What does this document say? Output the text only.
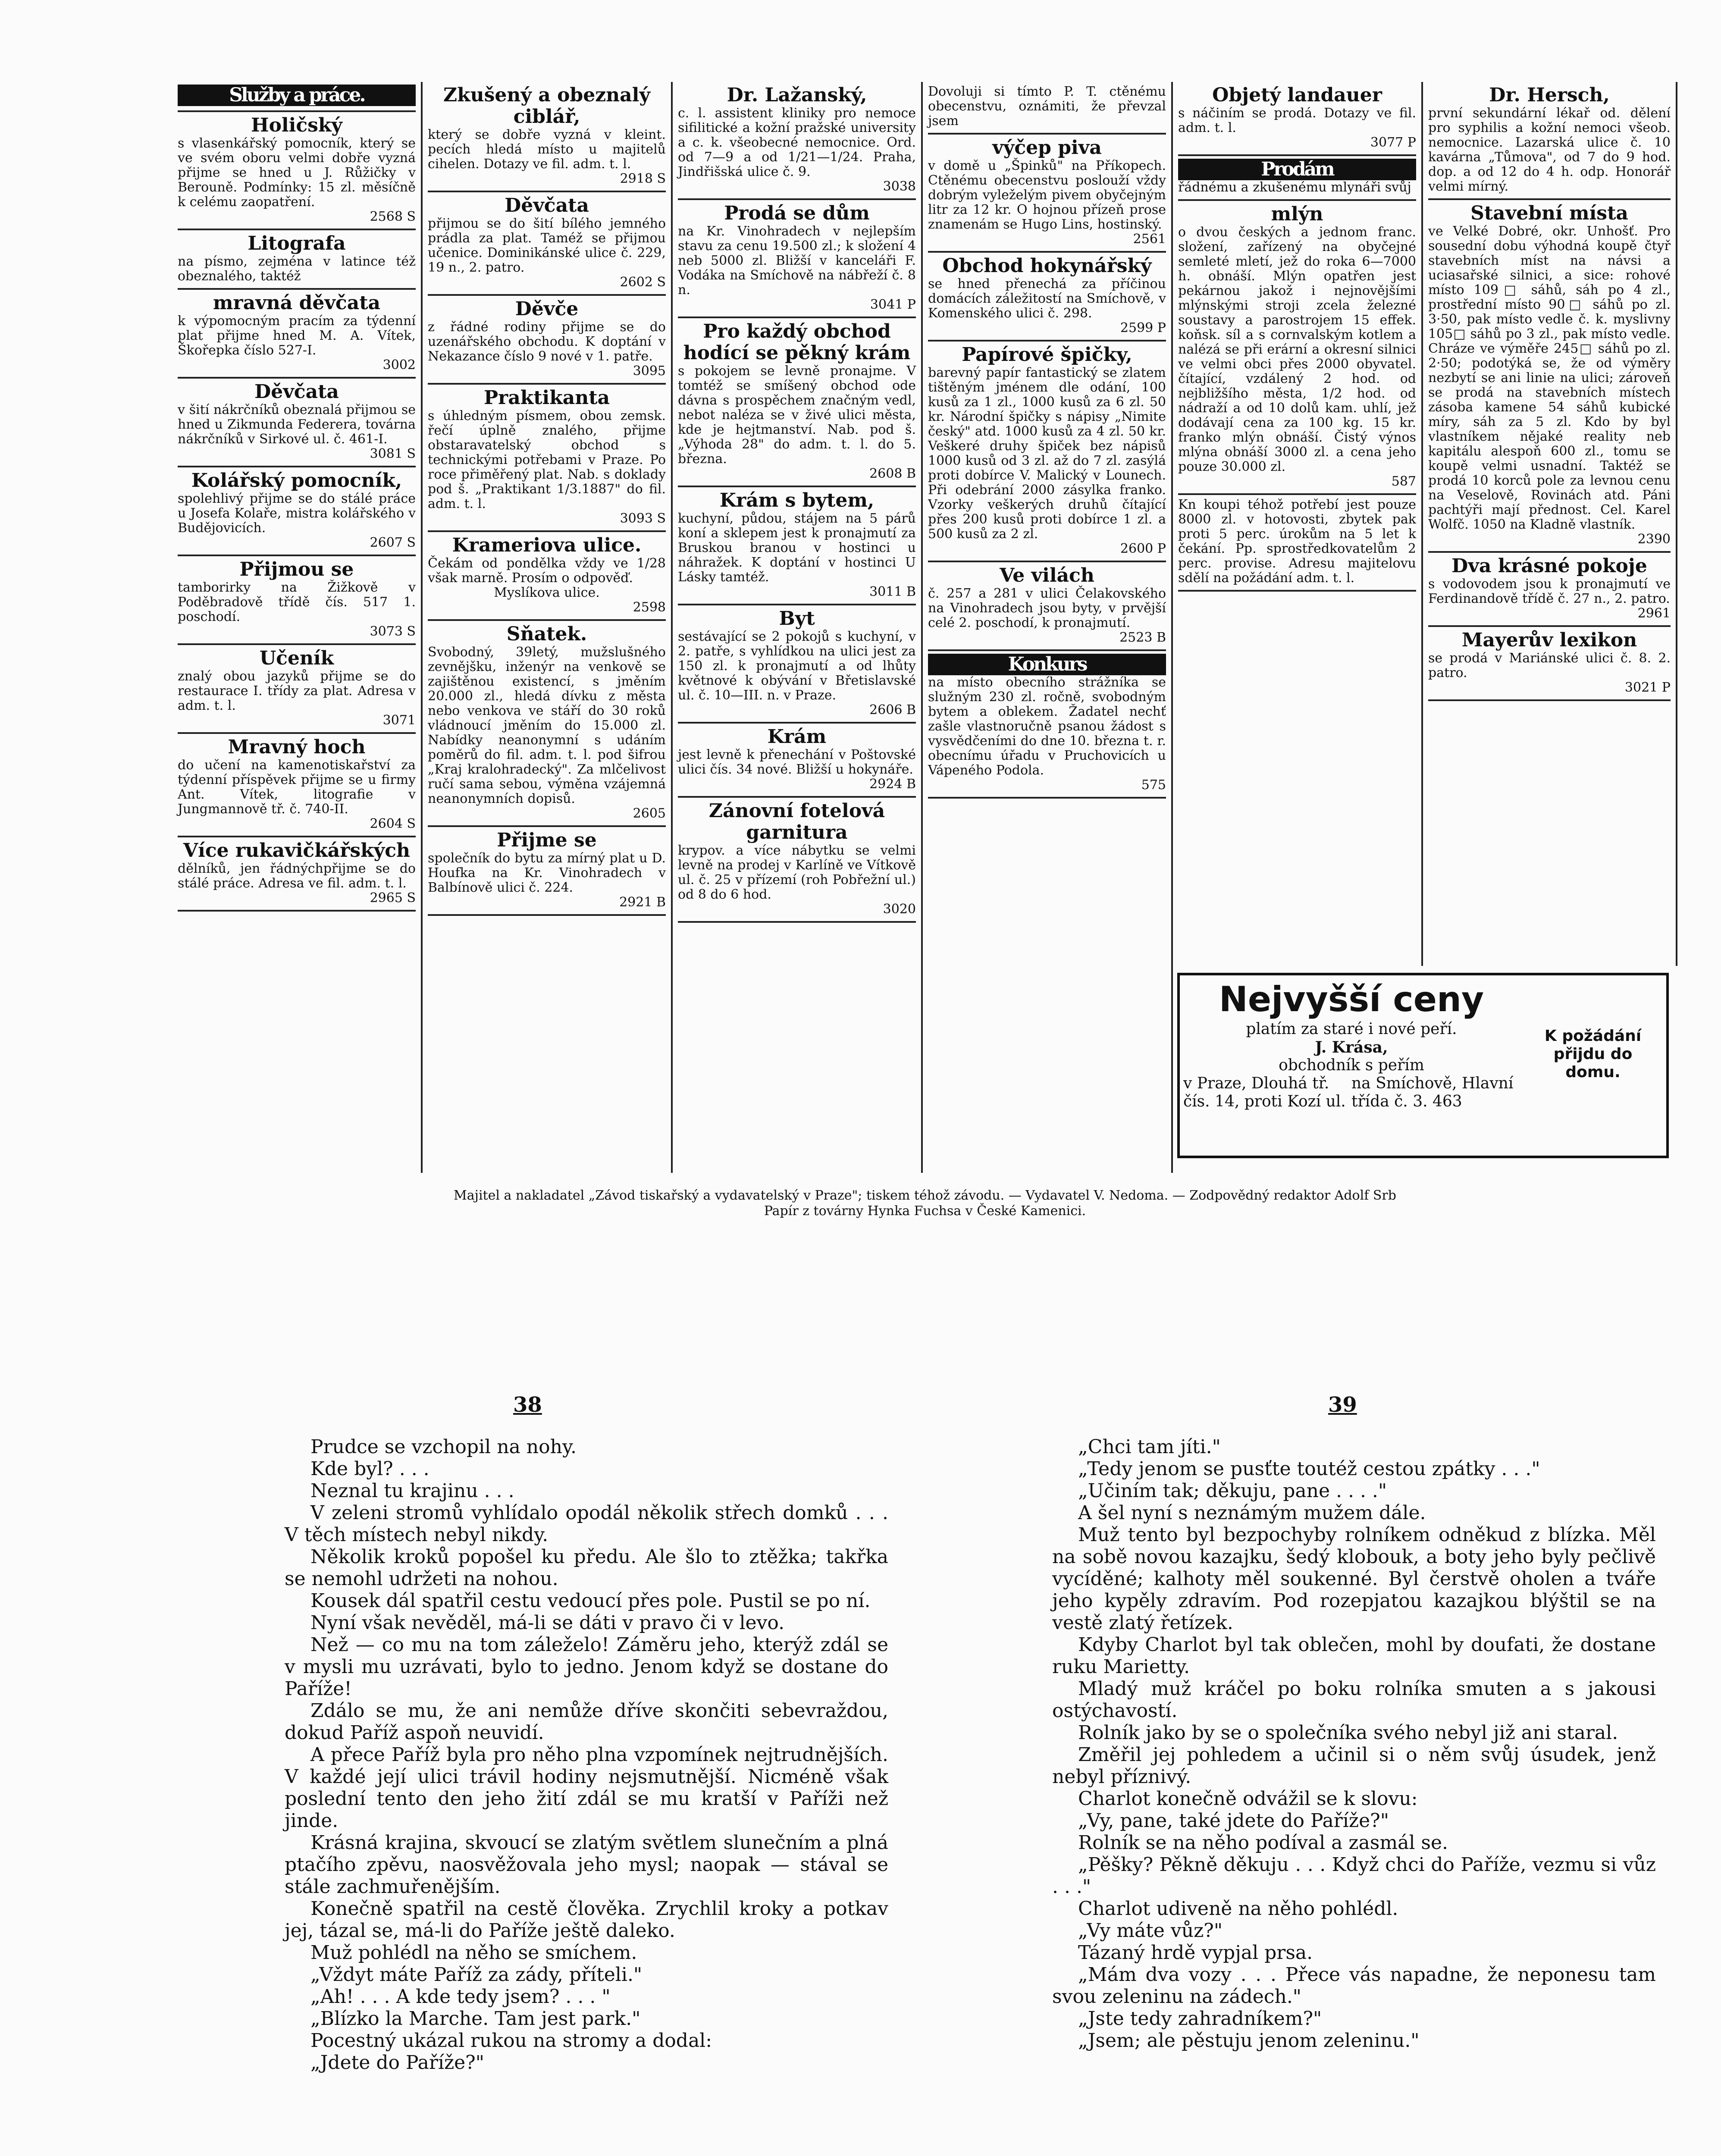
Služby a práce.
Holičský

s vlasenkářský pomocník, který se ve svém oboru velmi dobře vyzná přijme se hned u J. Růžičky v Berouně. Podmínky: 15 zl. měsíčně k celému zaopatření.

2568 S
Litografa

na písmo, zejména v latince též obeznalého, taktéž

mravná děvčata

k výpomocným pracím za týdenní plat přijme hned M. A. Vítek, Škořepka číslo 527-I.

3002
Děvčata

v šití nákrčníků obeznalá přijmou se hned u Zikmunda Federera, továrna nákrčníků v Sirkové ul. č. 461-I.

3081 S
Kolářský pomocník,

spolehlivý přijme se do stálé práce u Josefa Kolaře, mistra kolářského v Budějovicích.

2607 S
Přijmou se

tamborirky na Žižkově v Poděbradově třídě čís. 517 1. poschodí.

3073 S
Učeník

znalý obou jazyků přijme se do restaurace I. třídy za plat. Adresa v adm. t. l.

3071
Mravný hoch

do učení na kamenotiskařství za týdenní příspěvek přijme se u firmy Ant. Vítek, litografie v Jungmannově tř. č. 740-II.

2604 S
Více rukavičkářských

dělníků, jen řádnýchpřijme se do stálé práce. Adresa ve fil. adm. t. l.

2965 S
Zkušený a obeznalý ciblář,

který se dobře vyzná v kleint. pecích hledá místo u majitelů cihelen. Dotazy ve fil. adm. t. l.

2918 S
Děvčata

přijmou se do šití bílého jemného prádla za plat. Taméž se přijmou učenice. Dominikánské ulice č. 229, 19 n., 2. patro.

2602 S
Děvče

z řádné rodiny přijme se do uzenářského obchodu. K doptání v Nekazance číslo 9 nové v 1. patře.

3095
Praktikanta

s úhledným písmem, obou zemsk. řečí úplně znalého, přijme obstaravatelský obchod s technickými potřebami v Praze. Po roce přiměřený plat. Nab. s doklady pod š. „Praktikant 1/3.1887" do fil. adm. t. l.

3093 S
Krameriova ulice.

Čekám od pondělka vždy ve 1/28 však marně. Prosím o odpověď.

Myslíkova ulice.

2598
Sňatek.

Svobodný, 39letý, mužslušného zevnějšku, inženýr na venkově se zajištěnou existencí, s jměním 20.000 zl., hledá dívku z města nebo venkova ve stáří do 30 roků vládnoucí jměním do 15.000 zl. Nabídky neanonymní s udáním poměrů do fil. adm. t. l. pod šifrou „Kraj kralohradecký". Za mlčelivost ručí sama sebou, výměna vzájemná neanonymních dopisů.

2605
Přijme se

společník do bytu za mírný plat u D. Houfka na Kr. Vinohradech v Balbínově ulici č. 224.

2921 B
Dr. Lažanský,

c. l. assistent kliniky pro nemoce sifilitické a kožní pražské university a c. k. všeobecné nemocnice. Ord. od 7—9 a od 1/21—1/24. Praha, Jindřišská ulice č. 9.

3038
Prodá se dům

na Kr. Vinohradech v nejlepším stavu za cenu 19.500 zl.; k složení 4 neb 5000 zl. Bližší v kanceláři F. Vodáka na Smíchově na nábřeží č. 8 n.

3041 P
Pro každý obchod hodící se pěkný krám

s pokojem se levně pronajme. V tomtéž se smíšený obchod ode dávna s prospěchem značným vedl, nebot naléza se v živé ulici města, kde je hejtmanství. Nab. pod š. „Výhoda 28" do adm. t. l. do 5. března.

2608 B
Krám s bytem,

kuchyní, půdou, stájem na 5 párů koní a sklepem jest k pronajmutí za Bruskou branou v hostinci u náhražek. K doptání v hostinci U Lásky tamtéž.

3011 B
Byt

sestávající se 2 pokojů s kuchyní, v 2. patře, s vyhlídkou na ulici jest za 150 zl. k pronajmutí a od lhůty květnové k obývání v Břetislavské ul. č. 10—III. n. v Praze.

2606 B
Krám

jest levně k přenechání v Poštovské ulici čís. 34 nové. Bližší u hokynáře.

2924 B
Zánovní fotelová garnitura

krypov. a více nábytku se velmi levně na prodej v Karlíně ve Vítkově ul. č. 25 v přízemí (roh Pobřežní ul.) od 8 do 6 hod.

3020

Dovoluji si tímto P. T. ctěnému obecenstvu, oznámiti, že převzal jsem

výčep piva

v domě u „Špinků" na Příkopech. Ctěnému obecenstvu poslouží vždy dobrým vyleželým pivem obyčejným litr za 12 kr. O hojnou přízeň prose znamenám se Hugo Lins, hostinský.

2561
Obchod hokynářský

se hned přenechá za příčinou domácích záležitostí na Smíchově, v Komenského ulici č. 298.

2599 P
Papírové špičky,

barevný papír fantastický se zlatem tištěným jménem dle odání, 100 kusů za 1 zl., 1000 kusů za 6 zl. 50 kr. Národní špičky s nápisy „Nimite český" atd. 1000 kusů za 4 zl. 50 kr. Veškeré druhy špiček bez nápisů 1000 kusů od 3 zl. až do 7 zl. zasýlá proti dobírce V. Malický v Lounech. Při odebrání 2000 zásylka franko. Vzorky veškerých druhů čítající přes 200 kusů proti dobírce 1 zl. a 500 kusů za 2 zl.

2600 P
Ve vilách

č. 257 a 281 v ulici Čelakovského na Vinohradech jsou byty, v prvější celé 2. poschodí, k pronajmutí.

2523 B
Konkurs

na místo obecního strážníka se služným 230 zl. ročně, svobodným bytem a oblekem. Žadatel nechť zašle vlastnoručně psanou žádost s vysvědčeními do dne 10. března t. r. obecnímu úřadu v Pruchovicích u Vápeného Podola.

575
Objetý landauer

s náčiním se prodá. Dotazy ve fil. adm. t. l.

3077 P
Prodám

řádnému a zkušenému mlynáři svůj

mlýn

o dvou českých a jednom franc. složení, zařízený na obyčejné semleté mletí, jež do roka 6—7000 h. obnáší. Mlýn opatřen jest pekárnou jakož i nejnovějšími mlýnskými stroji zcela železné soustavy a parostrojem 15 effek. koňsk. síl a s cornvalským kotlem a nalézá se při erární a okresní silnici ve velmi obci přes 2000 obyvatel. čítající, vzdálený 2 hod. od nejbližšího města, 1/2 hod. od nádraží a od 10 dolů kam. uhlí, jež dodávají cena za 100 kg. 15 kr. franko mlýn obnáší. Čistý výnos mlýna obnáší 3000 zl. a cena jeho pouze 30.000 zl.

587

Kn koupi téhož potřebí jest pouze 8000 zl. v hotovosti, zbytek pak proti 5 perc. úrokům na 5 let k čekání. Pp. sprostředkovatelům 2 perc. provise. Adresu majitelovu sdělí na požádání adm. t. l.

Dr. Hersch,

první sekundární lékař od. dělení pro syphilis a kožní nemoci všeob. nemocnice. Lazarská ulice č. 10 kavárna „Tůmova", od 7 do 9 hod. dop. a od 12 do 4 h. odp. Honorář velmi mírný.

Stavební místa

ve Velké Dobré, okr. Unhošť. Pro sousední dobu výhodná koupě čtyř stavebních míst na návsi a uciasařské silnici, a sice: rohové místo 109□ sáhů, sáh po 4 zl., prostřední místo 90□ sáhů po zl. 3·50, pak místo vedle č. k. myslivny 105□ sáhů po 3 zl., pak místo vedle. Chráze ve výměře 245□ sáhů po zl. 2·50; podotýká se, že od výměry nezbytí se ani linie na ulici; zároveň se prodá na stavebních místech zásoba kamene 54 sáhů kubické míry, sáh za 5 zl. Kdo by byl vlastníkem nějaké reality neb kapitálu alespoň 600 zl., tomu se koupě velmi usnadní. Taktéž se prodá 10 korců pole za levnou cenu na Veselově, Rovinách atd. Páni pachtýři mají přednost. Cel. Karel Wolfč. 1050 na Kladně vlastník.

2390
Dva krásné pokoje

s vodovodem jsou k pronajmutí ve Ferdinandově třídě č. 27 n., 2. patro.

2961
Mayerův lexikon

se prodá v Mariánské ulici č. 8. 2. patro.

3021 P
Nejvyšší ceny
platím za staré i nové peří.
J. Krása,
obchodník s peřím
v Praze, Dlouhá tř. čís. 14, proti Kozí ul.
na Smíchově, Hlavní třída č. 3. 463
K požádání přijdu do domu.
Majitel a nakladatel „Závod tiskařský a vydavatelský v Praze"; tiskem téhož závodu. — Vydavatel V. Nedoma. — Zodpovědný redaktor Adolf Srb
Papír z továrny Hynka Fuchsa v České Kamenici.
38	39

Prudce se vzchopil na nohy.

Kde byl? . . .

Neznal tu krajinu . . .

V zeleni stromů vyhlídalo opodál několik střech domků . . . V těch místech nebyl nikdy.

Několik kroků popošel ku předu. Ale šlo to ztěžka; takřka se nemohl udržeti na nohou.

Kousek dál spatřil cestu vedoucí přes pole. Pustil se po ní.

Nyní však nevěděl, má-li se dáti v pravo či v levo.

Než — co mu na tom záleželo! Záměru jeho, kterýž zdál se v mysli mu uzrávati, bylo to jedno. Jenom když se dostane do Paříže!

Zdálo se mu, že ani nemůže dříve skončiti sebevraždou, dokud Paříž aspoň neuvidí.

A přece Paříž byla pro něho plna vzpomínek nejtrudnějších. V každé její ulici trávil hodiny nejsmutnější. Nicméně však poslední tento den jeho žití zdál se mu kratší v Paříži než jinde.

Krásná krajina, skvoucí se zlatým světlem slunečním a plná ptačího zpěvu, naosvěžovala jeho mysl; naopak — stával se stále zachmuřenějším.

Konečně spatřil na cestě člověka. Zrychlil kroky a potkav jej, tázal se, má-li do Paříže ještě daleko.

Muž pohlédl na něho se smíchem.

„Vždyt máte Paříž za zády, příteli."

„Ah! . . . A kde tedy jsem? . . . "

„Blízko la Marche. Tam jest park."

Pocestný ukázal rukou na stromy a dodal:

„Jdete do Paříže?"

„Chci tam jíti."

„Tedy jenom se pusťte toutéž cestou zpátky . . ."

„Učiním tak; děkuju, pane . . . ."

A šel nyní s neznámým mužem dále.

Muž tento byl bezpochyby rolníkem odněkud z blízka. Měl na sobě novou kazajku, šedý klobouk, a boty jeho byly pečlivě vycíděné; kalhoty měl soukenné. Byl čerstvě oholen a tváře jeho kypěly zdravím. Pod rozepjatou kazajkou blýštil se na vestě zlatý řetízek.

Kdyby Charlot byl tak oblečen, mohl by doufati, že dostane ruku Marietty.

Mladý muž kráčel po boku rolníka smuten a s jakousi ostýchavostí.

Rolník jako by se o společníka svého nebyl již ani staral.

Změřil jej pohledem a učinil si o něm svůj úsudek, jenž nebyl příznivý.

Charlot konečně odvážil se k slovu:

„Vy, pane, také jdete do Paříže?"

Rolník se na něho podíval a zasmál se.

„Pěšky? Pěkně děkuju . . . Když chci do Paříže, vezmu si vůz . . ."

Charlot udiveně na něho pohlédl.

„Vy máte vůz?"

Tázaný hrdě vypjal prsa.

„Mám dva vozy . . . Přece vás napadne, že neponesu tam svou zeleninu na zádech."

„Jste tedy zahradníkem?"

„Jsem; ale pěstuju jenom zeleninu."
